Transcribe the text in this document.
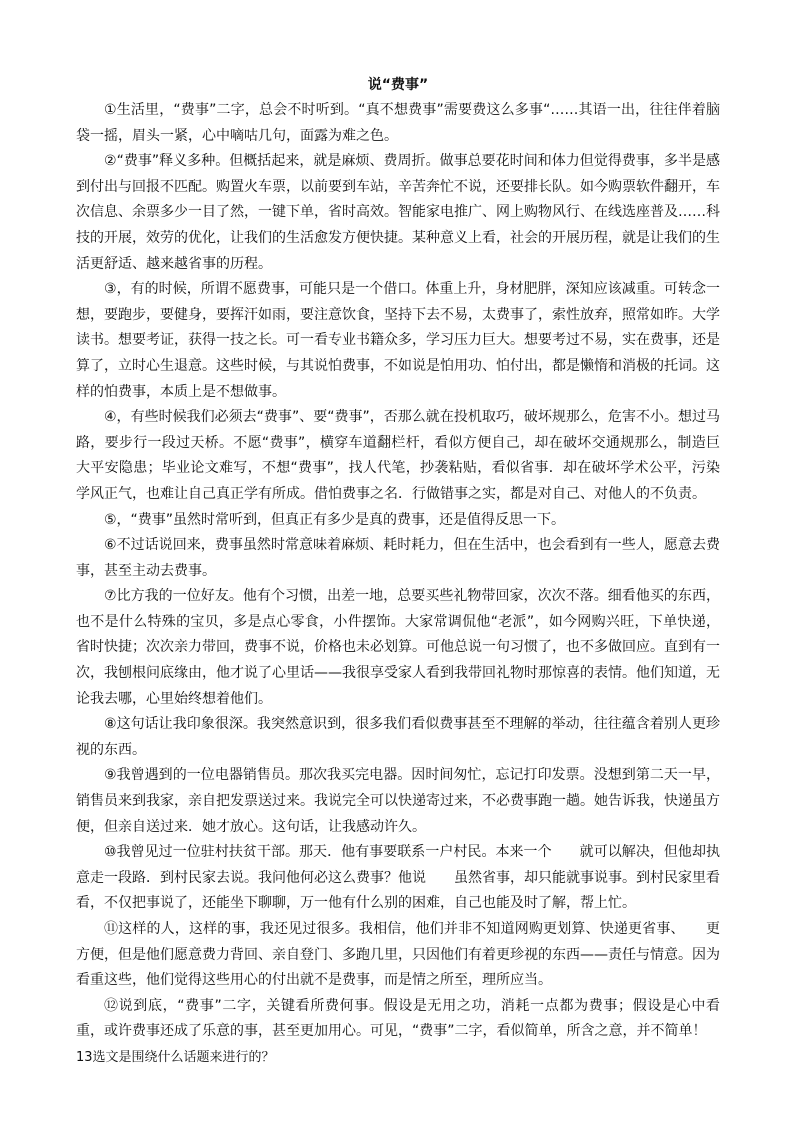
说“费事”

①生活里，“费事”二字，总会不时听到。“真不想费事”需要费这么多事“……其语一出，往往伴着脑袋一摇，眉头一紧，心中嘀咕几句，面露为难之色。

②“费事”释义多种。但概括起来，就是麻烦、费周折。做事总要花时间和体力但觉得费事，多半是感到付出与回报不匹配。购置火车票，以前要到车站，辛苦奔忙不说，还要排长队。如今购票软件翻开，车次信息、余票多少一目了然，一键下单，省时高效。智能家电推广、网上购物风行、在线选座普及……科技的开展，效劳的优化，让我们的生活愈发方便快捷。某种意义上看，社会的开展历程，就是让我们的生活更舒适、越来越省事的历程。

③，有的时候，所谓不愿费事，可能只是一个借口。体重上升，身材肥胖，深知应该减重。可转念一想，要跑步，要健身，要挥汗如雨，要注意饮食，坚持下去不易，太费事了，索性放弃，照常如昨。大学读书。想要考证，获得一技之长。可一看专业书籍众多，学习压力巨大。想要考过不易，实在费事，还是算了，立时心生退意。这些时候，与其说怕费事，不如说是怕用功、怕付出，都是懒惰和消极的托词。这样的怕费事，本质上是不想做事。

④，有些时候我们必须去“费事”、要“费事”，否那么就在投机取巧，破坏规那么，危害不小。想过马路，要步行一段过天桥。不愿“费事”，横穿车道翻栏杆，看似方便自己，却在破坏交通规那么，制造巨大平安隐患；毕业论文难写，不想“费事”，找人代笔，抄袭粘贴，看似省事．却在破坏学术公平，污染学风正气，也难让自己真正学有所成。借怕费事之名．行做错事之实，都是对自己、对他人的不负责。

⑤，“费事”虽然时常听到，但真正有多少是真的费事，还是值得反思一下。

⑥不过话说回来，费事虽然时常意味着麻烦、耗时耗力，但在生活中，也会看到有一些人，愿意去费事，甚至主动去费事。

⑦比方我的一位好友。他有个习惯，出差一地，总要买些礼物带回家，次次不落。细看他买的东西，也不是什么特殊的宝贝，多是点心零食，小件摆饰。大家常调侃他“老派”，如今网购兴旺，下单快递，省时快捷；次次亲力带回，费事不说，价格也未必划算。可他总说一句习惯了，也不多做回应。直到有一次，我刨根问底缘由，他才说了心里话——我很享受家人看到我带回礼物时那惊喜的表情。他们知道，无论我去哪，心里始终想着他们。

⑧这句话让我印象很深。我突然意识到，很多我们看似费事甚至不理解的举动，往往蕴含着别人更珍视的东西。

⑨我曾遇到的一位电器销售员。那次我买完电器。因时间匆忙，忘记打印发票。没想到第二天一早，销售员来到我家，亲自把发票送过来。我说完全可以快递寄过来，不必费事跑一趟。她告诉我，快递虽方便，但亲自送过来．她才放心。这句话，让我感动许久。

⑩我曾见过一位驻村扶贫干部。那天．他有事要联系一户村民。本来一个　　就可以解决，但他却执意走一段路．到村民家去说。我问他何必这么费事？他说　　虽然省事，却只能就事说事。到村民家里看看，不仅把事说了，还能坐下聊聊，万一他有什么别的困难，自己也能及时了解，帮上忙。

⑪这样的人，这样的事，我还见过很多。我相信，他们并非不知道网购更划算、快递更省事、　　更方便，但是他们愿意费力背回、亲自登门、多跑几里，只因他们有着更珍视的东西——责任与情意。因为看重这些，他们觉得这些用心的付出就不是费事，而是情之所至，理所应当。

⑫说到底，“费事”二字，关键看所费何事。假设是无用之功，消耗一点都为费事；假设是心中看重，或许费事还成了乐意的事，甚至更加用心。可见，“费事”二字，看似简单，所含之意，并不简单！

13选文是围绕什么话题来进行的？
